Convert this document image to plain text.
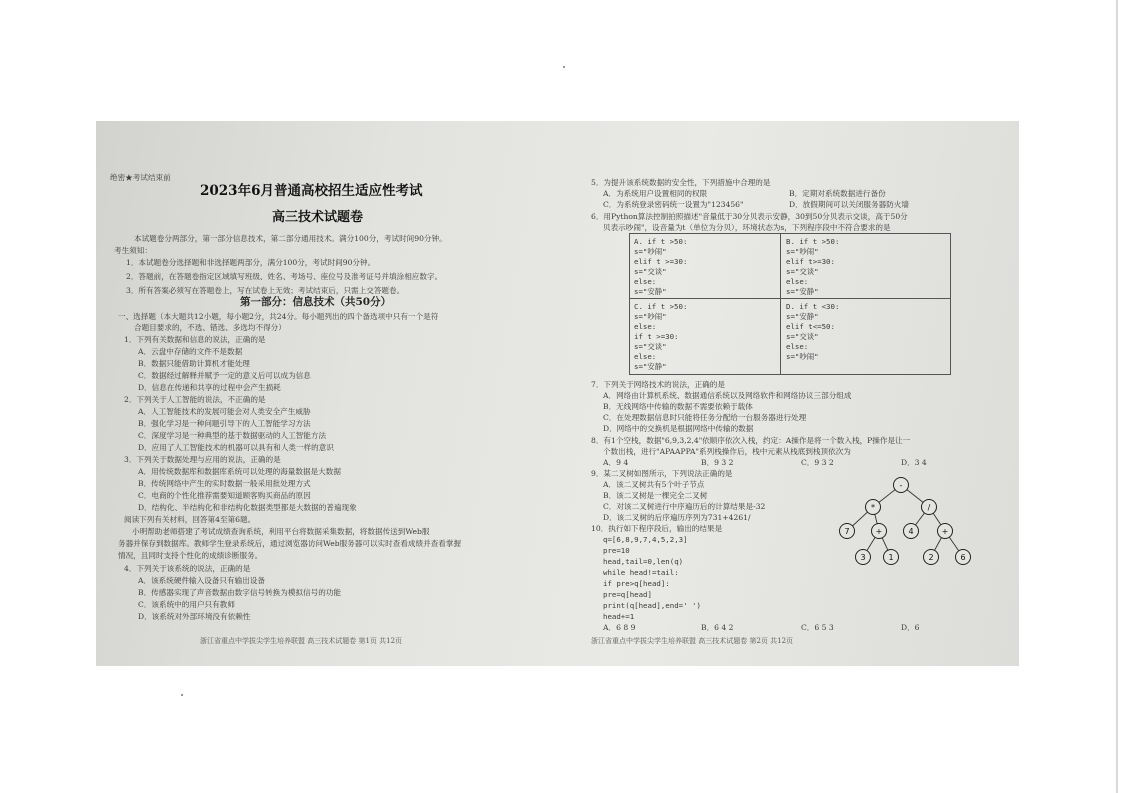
绝密★考试结束前
2023年6月普通高校招生适应性考试
高三技术试题卷
本试题卷分两部分，第一部分信息技术，第二部分通用技术。满分100分，考试时间90分钟。
考生须知：
1．本试题卷分选择题和非选择题两部分，满分100分，考试时间90分钟。
2．答题前，在答题卷指定区域填写班级、姓名、考场号、座位号及准考证号并填涂相应数字。
3．所有答案必须写在答题卷上，写在试卷上无效；考试结束后，只需上交答题卷。
第一部分：信息技术（共50分）
一、选择题（本大题共12小题，每小题2分，共24分。每小题列出的四个备选项中只有一个是符
合题目要求的，不选、错选、多选均不得分）
1．下列有关数据和信息的说法，正确的是
A．云盘中存储的文件不是数据
B．数据只能借助计算机才能处理
C．数据经过解释并赋予一定的意义后可以成为信息
D．信息在传递和共享的过程中会产生损耗
2．下列关于人工智能的说法，不正确的是
A．人工智能技术的发展可能会对人类安全产生威胁
B．强化学习是一种问题引导下的人工智能学习方法
C．深度学习是一种典型的基于数据驱动的人工智能方法
D．应用了人工智能技术的机器可以具有和人类一样的意识
3．下列关于数据处理与应用的说法，正确的是
A．用传统数据库和数据库系统可以处理的海量数据是大数据
B．传统网络中产生的实时数据一般采用批处理方式
C．电商的个性化推荐需要知道顾客购买商品的原因
D．结构化、半结构化和非结构化数据类型都是大数据的普遍现象
阅读下列有关材料，回答第4至第6题。
小明帮助老师搭建了考试成绩查询系统，利用平台将数据采集数据，将数据传送到Web服
务器并保存到数据库。教师学生登录系统后，通过浏览器访问Web服务器可以实时查看成绩并查看掌握
情况，且同时支持个性化的成绩诊断服务。
4．下列关于该系统的说法，正确的是
A．该系统硬件输入设备只有输出设备
B．传感器实现了声音数据由数字信号转换为模拟信号的功能
C．该系统中的用户只有教师
D．该系统对外部环境没有依赖性
浙江省重点中学拔尖学生培养联盟 高三技术试题卷 第1页 共12页
5．为提升该系统数据的安全性，下列措施中合理的是
A．为系统用户设置相同的权限	B．定期对系统数据进行备份
C．为系统登录密码统一设置为"123456"	D．放假期间可以关闭服务器防火墙
6．用Python算法控制拍照描述"音量低于30分贝表示安静，30到50分贝表示交谈，高于50分
贝表示吵闹"，设音量为t（单位为分贝），环境状态为s，下列程序段中不符合要求的是
A. if t >50:
s="吵闹"
elif t >=30:
s="交谈"
else:
s="安静"
B. if t >50:
s="吵闹"
elif t>=30:
s="交谈"
else:
s="安静"
C. if t >50:
s="吵闹"
else:
if t >=30:
s="交谈"
else:
s="安静"
D. if t <30:
s="安静"
elif t<=50:
s="交谈"
else:
s="吵闹"
7．下列关于网络技术的说法，正确的是
A．网络由计算机系统、数据通信系统以及网络软件和网络协议三部分组成
B．无线网络中传输的数据不需要依赖于载体
C．在处理数据信息时只能将任务分配给一台服务器进行处理
D．网络中的交换机是根据网络中传输的数据
8．有1个空栈，数据"6,9,3,2,4"依顺序依次入栈，约定：A操作是将一个数入栈，P操作是让一
个数出栈，进行"APAAPPA"系列栈操作后，栈中元素从栈底到栈顶依次为
A．9 4	B．9 3 2	C．9 3 2	D．3 4
9．某二叉树如图所示，下列说法正确的是
A．该二叉树共有5个叶子节点
B．该二叉树是一棵完全二叉树
C．对该二叉树进行中序遍历后的计算结果是-32
D．该二叉树的后序遍历序列为731+4261/
10．执行如下程序段后，输出的结果是
q=[6,8,9,7,4,5,2,3]
pre=10
head,tail=0,len(q)
while head!=tail:
if pre>q[head]:
pre=q[head]
print(q[head],end=' ')
head+=1
A．6 8 9	B．6 4 2	C．6 5 3	D．6
-
*	/
7	+	4	+
3	1	2	6
浙江省重点中学拔尖学生培养联盟 高三技术试题卷 第2页 共12页
